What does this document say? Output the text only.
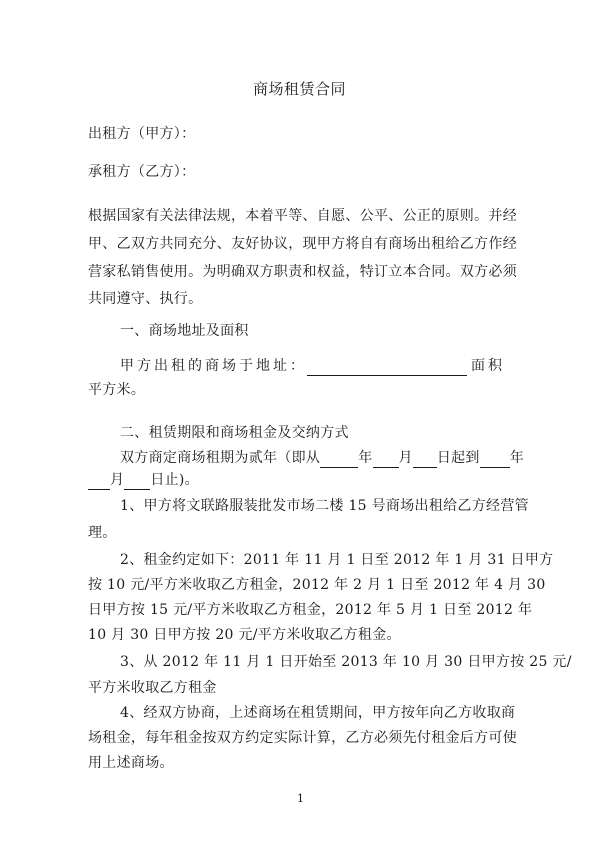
商场租赁合同
出租方（甲方）：
承租方（乙方）：
根据国家有关法律法规，本着平等、自愿、公平、公正的原则。并经
甲、乙双方共同充分、友好协议，现甲方将自有商场出租给乙方作经
营家私销售使用。为明确双方职责和权益，特订立本合同。双方必须
共同遵守、执行。
一、商场地址及面积
甲方出租的商场于地址：	面积
平方米。
二、租赁期限和商场租金及交纳方式
双方商定商场租期为贰年（即从	年 月 日起到 年
月 日止)。
1、甲方将文联路服装批发市场二楼 15 号商场出租给乙方经营管
理。
2、租金约定如下：2011 年 11 月 1 日至 2012 年 1 月 31 日甲方
按 10 元/平方米收取乙方租金，2012 年 2 月 1 日至 2012 年 4 月 30
日甲方按 15 元/平方米收取乙方租金，2012 年 5 月 1 日至 2012 年
10 月 30 日甲方按 20 元/平方米收取乙方租金。
3、从 2012 年 11 月 1 日开始至 2013 年 10 月 30 日甲方按 25 元/
平方米收取乙方租金
4、经双方协商，上述商场在租赁期间，甲方按年向乙方收取商
场租金，每年租金按双方约定实际计算，乙方必须先付租金后方可使
用上述商场。
1
